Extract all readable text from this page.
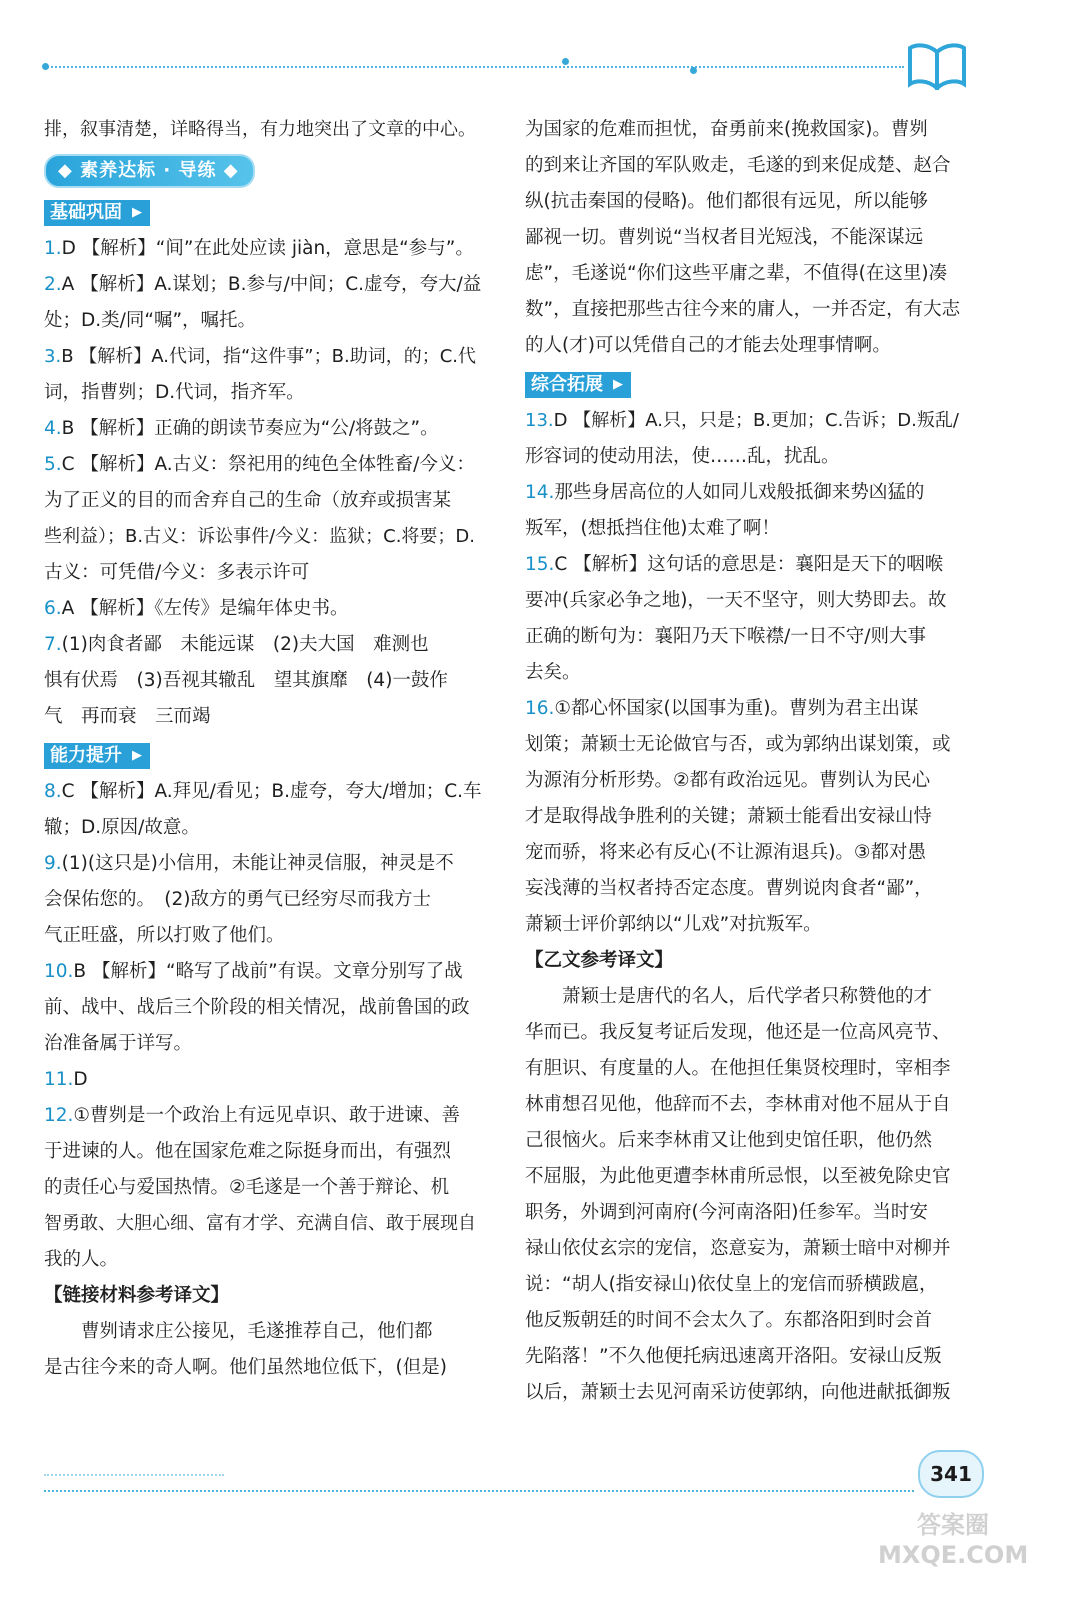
排，叙事清楚，详略得当，有力地突出了文章的中心。
◆ 素养达标 · 导练 ◆
基础巩固 ▶
1.D 【解析】“间”在此处应读 jiàn，意思是“参与”。
2.A 【解析】A.谋划；B.参与/中间；C.虚夸，夸大/益
处；D.类/同“嘱”，嘱托。
3.B 【解析】A.代词，指“这件事”；B.助词，的；C.代
词，指曹刿；D.代词，指齐军。
4.B 【解析】正确的朗读节奏应为“公/将鼓之”。
5.C 【解析】A.古义：祭祀用的纯色全体牲畜/今义：
为了正义的目的而舍弃自己的生命（放弃或损害某
些利益）；B.古义：诉讼事件/今义：监狱；C.将要；D.
古义：可凭借/今义：多表示许可
6.A 【解析】《左传》是编年体史书。
7.(1)肉食者鄙　未能远谋　(2)夫大国　难测也
惧有伏焉　(3)吾视其辙乱　望其旗靡　(4)一鼓作
气　再而衰　三而竭
能力提升 ▶
8.C 【解析】A.拜见/看见；B.虚夸，夸大/增加；C.车
辙；D.原因/故意。
9.(1)(这只是)小信用，未能让神灵信服，神灵是不
会保佑您的。　(2)敌方的勇气已经穷尽而我方士
气正旺盛，所以打败了他们。
10.B 【解析】“略写了战前”有误。文章分别写了战
前、战中、战后三个阶段的相关情况，战前鲁国的政
治准备属于详写。
11.D
12.①曹刿是一个政治上有远见卓识、敢于进谏、善
于进谏的人。他在国家危难之际挺身而出，有强烈
的责任心与爱国热情。②毛遂是一个善于辩论、机
智勇敢、大胆心细、富有才学、充满自信、敢于展现自
我的人。
【链接材料参考译文】
曹刿请求庄公接见，毛遂推荐自己，他们都
是古往今来的奇人啊。他们虽然地位低下，(但是)
为国家的危难而担忧，奋勇前来(挽救国家)。曹刿
的到来让齐国的军队败走，毛遂的到来促成楚、赵合
纵(抗击秦国的侵略)。他们都很有远见，所以能够
鄙视一切。曹刿说“当权者目光短浅，不能深谋远
虑”，毛遂说“你们这些平庸之辈，不值得(在这里)凑
数”，直接把那些古往今来的庸人，一并否定，有大志
的人(才)可以凭借自己的才能去处理事情啊。
综合拓展 ▶
13.D 【解析】A.只，只是；B.更加；C.告诉；D.叛乱/
形容词的使动用法，使……乱，扰乱。
14.那些身居高位的人如同儿戏般抵御来势凶猛的
叛军，(想抵挡住他)太难了啊！
15.C 【解析】这句话的意思是：襄阳是天下的咽喉
要冲(兵家必争之地)，一天不坚守，则大势即去。故
正确的断句为：襄阳乃天下喉襟/一日不守/则大事
去矣。
16.①都心怀国家(以国事为重)。曹刿为君主出谋
划策；萧颖士无论做官与否，或为郭纳出谋划策，或
为源洧分析形势。②都有政治远见。曹刿认为民心
才是取得战争胜利的关键；萧颖士能看出安禄山恃
宠而骄，将来必有反心(不让源洧退兵)。③都对愚
妄浅薄的当权者持否定态度。曹刿说肉食者“鄙”，
萧颖士评价郭纳以“儿戏”对抗叛军。
【乙文参考译文】
萧颖士是唐代的名人，后代学者只称赞他的才
华而已。我反复考证后发现，他还是一位高风亮节、
有胆识、有度量的人。在他担任集贤校理时，宰相李
林甫想召见他，他辞而不去，李林甫对他不屈从于自
己很恼火。后来李林甫又让他到史馆任职，他仍然
不屈服，为此他更遭李林甫所忌恨，以至被免除史官
职务，外调到河南府(今河南洛阳)任参军。当时安
禄山依仗玄宗的宠信，恣意妄为，萧颖士暗中对柳并
说：“胡人(指安禄山)依仗皇上的宠信而骄横跋扈，
他反叛朝廷的时间不会太久了。东都洛阳到时会首
先陷落！”不久他便托病迅速离开洛阳。安禄山反叛
以后，萧颖士去见河南采访使郭纳，向他进献抵御叛
341
答案圈
MXQE.COM
